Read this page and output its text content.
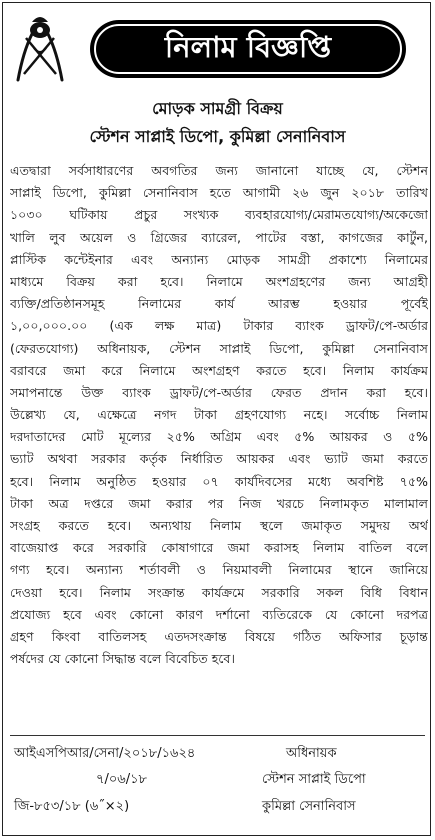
নিলাম বিজ্ঞপ্তি
মোড়ক সামগ্রী বিক্রয়
স্টেশন সাপ্লাই ডিপো, কুমিল্লা সেনানিবাস
এতদ্বারা সর্বসাধারণের অবগতির জন্য জানানো যাচ্ছে যে, স্টেশন
সাপ্লাই ডিপো, কুমিল্লা সেনানিবাস হতে আগামী ২৬ জুন ২০১৮ তারিখ
১০৩০ ঘটিকায় প্রচুর সংখ্যক ব্যবহারযোগ্য/মেরামতযোগ্য/অকেজো
খালি লুব অয়েল ও গ্রিজের ব্যারেল, পাটের বস্তা, কাগজের কার্টুন,
প্লাস্টিক কন্টেইনার এবং অন্যান্য মোড়ক সামগ্রী প্রকাশ্যে নিলামের
মাধ্যমে বিক্রয় করা হবে। নিলামে অংশগ্রহণের জন্য আগ্রহী
ব্যক্তি/প্রতিষ্ঠানসমূহ নিলামের কার্য আরম্ভ হওয়ার পূর্বেই
১,০০,০০০.০০ (এক লক্ষ মাত্র) টাকার ব্যাংক ড্রাফট/পে-অর্ডার
(ফেরতযোগ্য) অধিনায়ক, স্টেশন সাপ্লাই ডিপো, কুমিল্লা সেনানিবাস
বরাবরে জমা করে নিলামে অংশগ্রহণ করতে হবে। নিলাম কার্যক্রম
সমাপনান্তে উক্ত ব্যাংক ড্রাফট/পে-অর্ডার ফেরত প্রদান করা হবে।
উল্লেখ্য যে, এক্ষেত্রে নগদ টাকা গ্রহণযোগ্য নহে। সর্বোচ্চ নিলাম
দরদাতাদের মোট মূল্যের ২৫% অগ্রিম এবং ৫% আয়কর ও ৫%
ভ্যাট অথবা সরকার কর্তৃক নির্ধারিত আয়কর এবং ভ্যাট জমা করতে
হবে। নিলাম অনুষ্ঠিত হওয়ার ০৭ কার্যদিবসের মধ্যে অবশিষ্ট ৭৫%
টাকা অত্র দপ্তরে জমা করার পর নিজ খরচে নিলামকৃত মালামাল
সংগ্রহ করতে হবে। অন্যথায় নিলাম স্থলে জমাকৃত সমুদয় অর্থ
বাজেয়াপ্ত করে সরকারি কোষাগারে জমা করাসহ নিলাম বাতিল বলে
গণ্য হবে। অন্যান্য শর্তাবলী ও নিয়মাবলী নিলামের স্থানে জানিয়ে
দেওয়া হবে। নিলাম সংক্রান্ত কার্যক্রমে সরকারি সকল বিধি বিধান
প্রযোজ্য হবে এবং কোনো কারণ দর্শানো ব্যতিরেকে যে কোনো দরপত্র
গ্রহণ কিংবা বাতিলসহ এতদসংক্রান্ত বিষয়ে গঠিত অফিসার চূড়ান্ত
পর্ষদের যে কোনো সিদ্ধান্ত বলে বিবেচিত হবে।
আইএসপিআর/সেনা/২০১৮/১৬২৪
৭/০৬/১৮
জি-৮৫৩/১৮ (৬˝×২)
অধিনায়ক
স্টেশন সাপ্লাই ডিপো
কুমিল্লা সেনানিবাস
